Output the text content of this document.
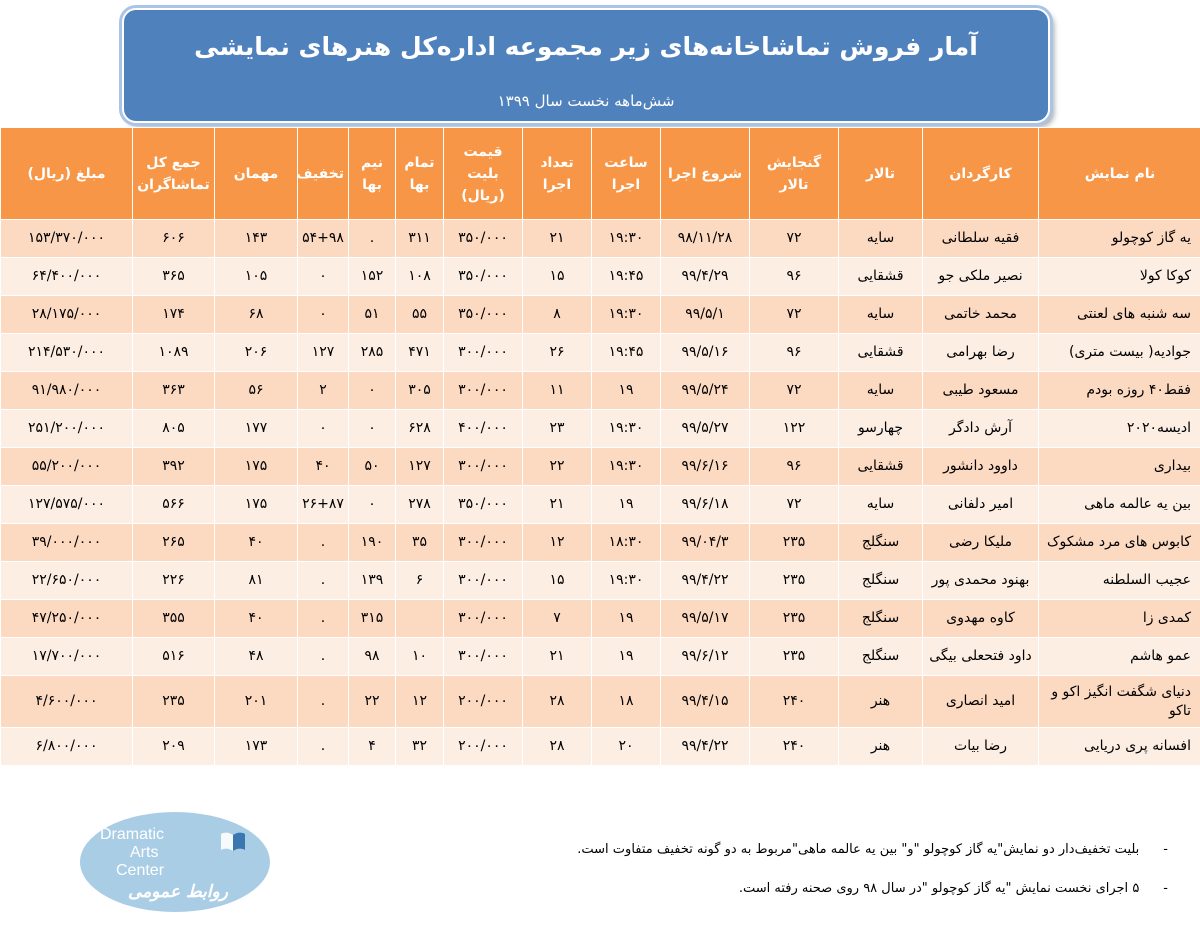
آمار فروش تماشاخانه‌های زیر مجموعه اداره‌کل هنرهای نمایشی
شش‌ماهه نخست سال ۱۳۹۹
نام نمایش	کارگردان	تالار	گنجایش تالار	شروع اجرا	ساعت اجرا	تعداد اجرا	قیمت بلیت (ریال)	تمام بها	نیم بها	تخفیف	مهمان	جمع کل تماشاگران	مبلغ (ریال)
یه گاز کوچولو	فقیه سلطانی	سایه	۷۲	۹۸/۱۱/۲۸	۱۹:۳۰	۲۱	۳۵۰/۰۰۰	۳۱۱	.	۵۴+۹۸	۱۴۳	۶۰۶	۱۵۳/۳۷۰/۰۰۰
کوکا کولا	نصیر ملکی جو	قشقایی	۹۶	۹۹/۴/۲۹	۱۹:۴۵	۱۵	۳۵۰/۰۰۰	۱۰۸	۱۵۲	۰	۱۰۵	۳۶۵	۶۴/۴۰۰/۰۰۰
سه شنبه های لعنتی	محمد خاتمی	سایه	۷۲	۹۹/۵/۱	۱۹:۳۰	۸	۳۵۰/۰۰۰	۵۵	۵۱	۰	۶۸	۱۷۴	۲۸/۱۷۵/۰۰۰
جوادیه( بیست متری)	رضا بهرامی	قشقایی	۹۶	۹۹/۵/۱۶	۱۹:۴۵	۲۶	۳۰۰/۰۰۰	۴۷۱	۲۸۵	۱۲۷	۲۰۶	۱۰۸۹	۲۱۴/۵۳۰/۰۰۰
فقط۴۰ روزه بودم	مسعود طیبی	سایه	۷۲	۹۹/۵/۲۴	۱۹	۱۱	۳۰۰/۰۰۰	۳۰۵	۰	۲	۵۶	۳۶۳	۹۱/۹۸۰/۰۰۰
ادیسه۲۰۲۰	آرش دادگر	چهارسو	۱۲۲	۹۹/۵/۲۷	۱۹:۳۰	۲۳	۴۰۰/۰۰۰	۶۲۸	۰	۰	۱۷۷	۸۰۵	۲۵۱/۲۰۰/۰۰۰
بیداری	داوود دانشور	قشقایی	۹۶	۹۹/۶/۱۶	۱۹:۳۰	۲۲	۳۰۰/۰۰۰	۱۲۷	۵۰	۴۰	۱۷۵	۳۹۲	۵۵/۲۰۰/۰۰۰
بین یه عالمه ماهی	امیر دلفانی	سایه	۷۲	۹۹/۶/۱۸	۱۹	۲۱	۳۵۰/۰۰۰	۲۷۸	۰	۲۶+۸۷	۱۷۵	۵۶۶	۱۲۷/۵۷۵/۰۰۰
کابوس های مرد مشکوک	ملیکا رضی	سنگلج	۲۳۵	۹۹/۰۴/۳	۱۸:۳۰	۱۲	۳۰۰/۰۰۰	۳۵	۱۹۰	.	۴۰	۲۶۵	۳۹/۰۰۰/۰۰۰
عجیب السلطنه	بهنود محمدی پور	سنگلج	۲۳۵	۹۹/۴/۲۲	۱۹:۳۰	۱۵	۳۰۰/۰۰۰	۶	۱۳۹	.	۸۱	۲۲۶	۲۲/۶۵۰/۰۰۰
کمدی زا	کاوه مهدوی	سنگلج	۲۳۵	۹۹/۵/۱۷	۱۹	۷	۳۰۰/۰۰۰		۳۱۵	.	۴۰	۳۵۵	۴۷/۲۵۰/۰۰۰
عمو هاشم	داود فتحعلی بیگی	سنگلج	۲۳۵	۹۹/۶/۱۲	۱۹	۲۱	۳۰۰/۰۰۰	۱۰	۹۸	.	۴۸	۵۱۶	۱۷/۷۰۰/۰۰۰
دنیای شگفت انگیز اکو و تاکو	امید انصاری	هنر	۲۴۰	۹۹/۴/۱۵	۱۸	۲۸	۲۰۰/۰۰۰	۱۲	۲۲	.	۲۰۱	۲۳۵	۴/۶۰۰/۰۰۰
افسانه پری دریایی	رضا بیات	هنر	۲۴۰	۹۹/۴/۲۲	۲۰	۲۸	۲۰۰/۰۰۰	۳۲	۴	.	۱۷۳	۲۰۹	۶/۸۰۰/۰۰۰
Dramatic
Arts
Center
روابط عمومی
-بلیت تخفیف‌دار دو نمایش"یه گاز کوچولو "و" بین یه عالمه ماهی"مربوط به دو گونه تخفیف متفاوت است.
-۵ اجرای نخست نمایش "یه گاز کوچولو "در سال ۹۸ روی صحنه رفته است.
